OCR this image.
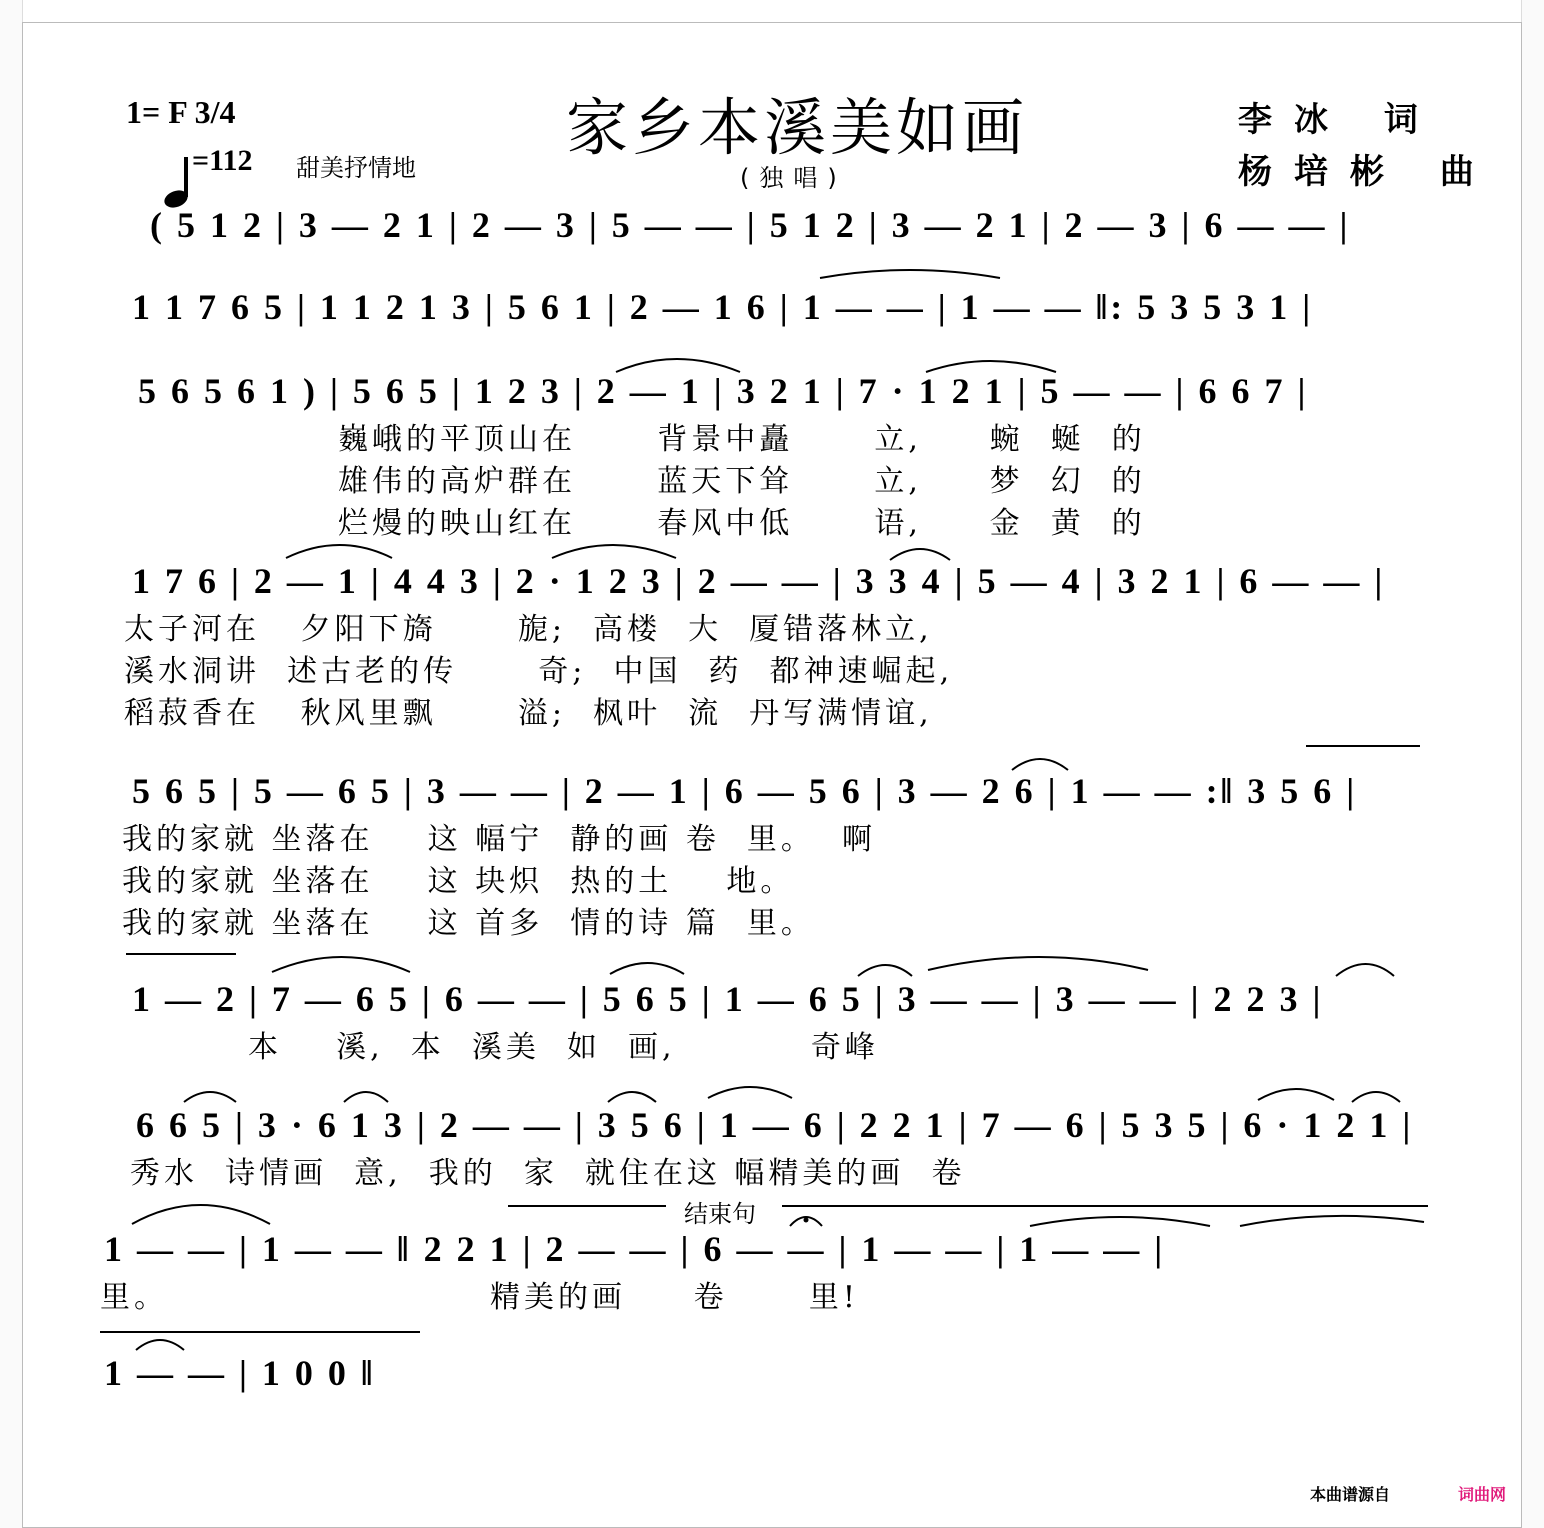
1= F 3/4

=112 甜美抒情地
家乡本溪美如画
(独唱)
李冰 词
杨培彬 曲
( 5 1 2 | 3 — 2 1 | 2 — 3 | 5 — — | 5 1 2 | 3 — 2 1 | 2 — 3 | 6 — — |
1 1 7 6 5 | 1 1 2 1 3 | 5 6 1 | 2 — 1 6 | 1 — — | 1 — — ‖: 5 3 5 3 1 |
5 6 5 6 1 ) | 5 6 5 | 1 2 3 | 2 — 1 | 3 2 1 | 7 · 1 2 1 | 5 — — | 6 6 7 |
巍峨的平顶山在      背景中矗      立,     蜿  蜒  的
雄伟的高炉群在      蓝天下耸      立,     梦  幻  的
烂熳的映山红在      春风中低      语,     金  黄  的
1 7 6 | 2 — 1 | 4 4 3 | 2 · 1 2 3 | 2 — — | 3 3 4 | 5 — 4 | 3 2 1 | 6 — — |
太子河在   夕阳下旖      旎;  高楼  大  厦错落林立,
溪水洞讲  述古老的传      奇;  中国  药  都神速崛起,
稻菽香在   秋风里飘      溢;  枫叶  流  丹写满情谊,
5 6 5 | 5 — 6 5 | 3 — — | 2 — 1 | 6 — 5 6 | 3 — 2 6 | 1 — — :‖ 3 5 6 |
我的家就 坐落在    这 幅宁  静的画 卷  里。  啊
我的家就 坐落在    这 块炽  热的土    地。
我的家就 坐落在    这 首多  情的诗 篇  里。
1 — 2 | 7 — 6 5 | 6 — — | 5 6 5 | 1 — 6 5 | 3 — — | 3 — — | 2 2 3 |
本    溪,  本  溪美  如  画,          奇峰
6 6 5 | 3 · 6 1 3 | 2 — — | 3 5 6 | 1 — 6 | 2 2 1 | 7 — 6 | 5 3 5 | 6 · 1 2 1 |
秀水  诗情画  意,  我的  家  就住在这 幅精美的画  卷
结束句
1 — — | 1 — — ‖ 2 2 1 | 2 — — | 6 — — | 1 — — | 1 — — |
里。	精美的画     卷      里!
1 — — | 1 0 0 ‖
本曲谱源自	词曲网
